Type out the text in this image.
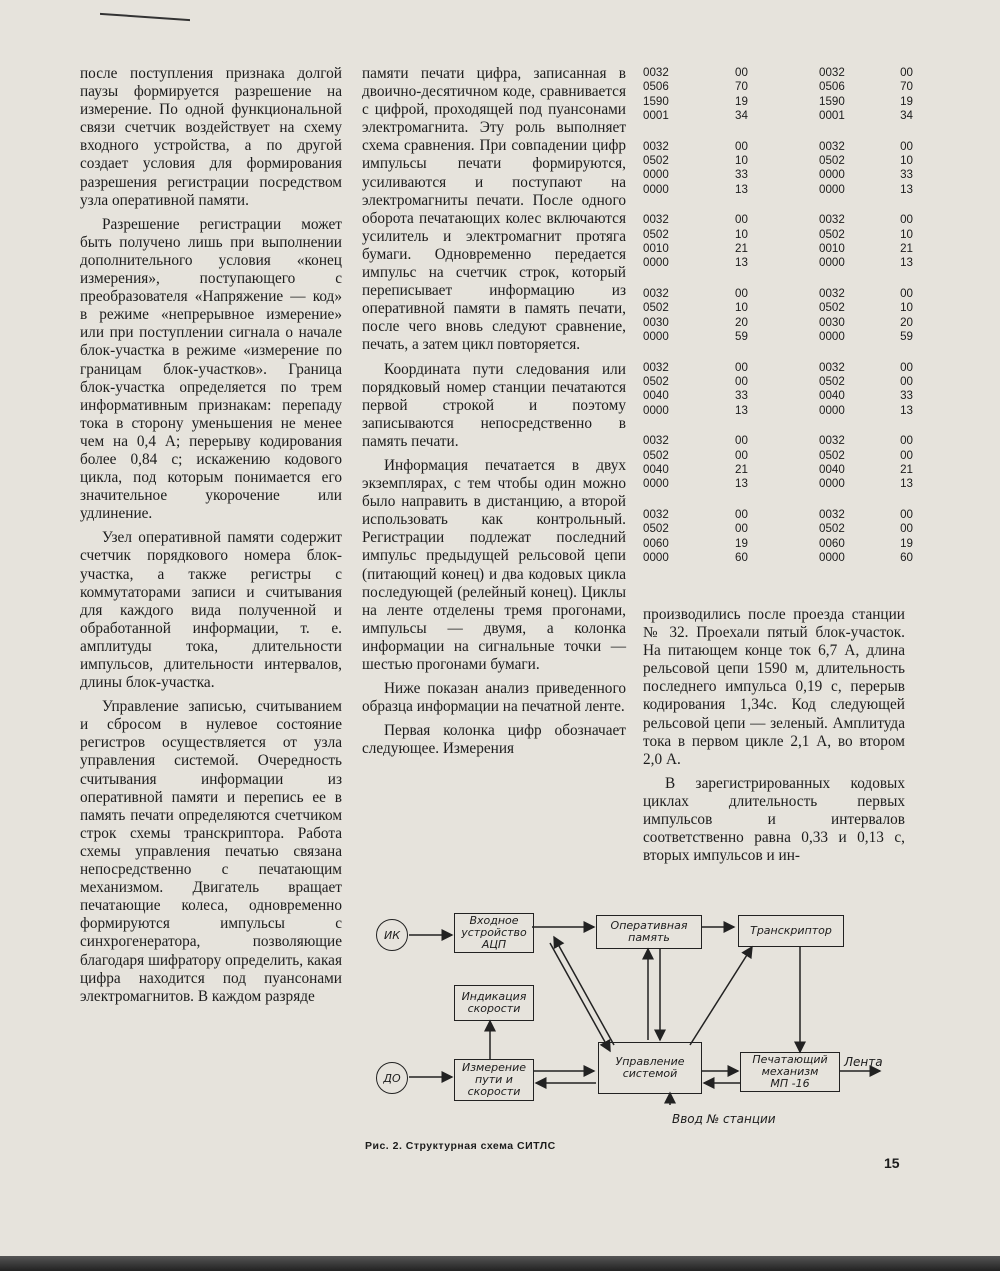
после поступления признака долгой паузы формируется разрешение на измерение. По одной функциональной связи счетчик воздействует на схему входного устройства, а по другой создает условия для формирования разрешения регистрации посредством узла оперативной памяти.

Разрешение регистрации может быть получено лишь при выполнении дополнительного условия «конец измерения», поступающего с преобразователя «Напряжение — код» в режиме «непрерывное измерение» или при поступлении сигнала о начале блок-участка в режиме «измерение по границам блок-участков». Граница блок-участка определяется по трем информативным признакам: перепаду тока в сторону уменьшения не менее чем на 0,4 А; перерыву кодирования более 0,84 с; искажению кодового цикла, под которым понимается его значительное укорочение или удлинение.

Узел оперативной памяти содержит счетчик порядкового номера блок-участка, а также регистры с коммутаторами записи и считывания для каждого вида полученной и обработанной информации, т. е. амплитуды тока, длительности импульсов, длительности интервалов, длины блок-участка.

Управление записью, считыванием и сбросом в нулевое состояние регистров осуществляется от узла управления системой. Очередность считывания информации из оперативной памяти и перепись ее в память печати определяются счетчиком строк схемы транскриптора. Работа схемы управления печатью связана непосредственно с печатающим механизмом. Двигатель вращает печатающие колеса, одновременно формируются импульсы с синхрогенератора, позволяющие благодаря шифратору определить, какая цифра находится под пуансонами электромагнитов. В каждом разряде

памяти печати цифра, записанная в двоично-десятичном коде, сравнивается с цифрой, проходящей под пуансонами электромагнита. Эту роль выполняет схема сравнения. При совпадении цифр импульсы печати формируются, усиливаются и поступают на электромагниты печати. После одного оборота печатающих колес включаются усилитель и электромагнит протяга бумаги. Одновременно передается импульс на счетчик строк, который переписывает информацию из оперативной памяти в память печати, после чего вновь следуют сравнение, печать, а затем цикл повторяется.

Координата пути следования или порядковый номер станции печатаются первой строкой и поэтому записываются непосредственно в память печати.

Информация печатается в двух экземплярах, с тем чтобы один можно было направить в дистанцию, а второй использовать как контрольный. Регистрации подлежат последний импульс предыдущей рельсовой цепи (питающий конец) и два кодовых цикла последующей (релейный конец). Циклы на ленте отделены тремя прогонами, импульсы — двумя, а колонка информации на сигнальные точки — шестью прогонами бумаги.

Ниже показан анализ приведенного образца информации на печатной ленте.

Первая колонка цифр обозначает следующее. Измерения

0032	00	0032	00
0506	70	0506	70
1590	19	1590	19
0001	34	0001	34

0032	00	0032	00
0502	10	0502	10
0000	33	0000	33
0000	13	0000	13

0032	00	0032	00
0502	10	0502	10
0010	21	0010	21
0000	13	0000	13

0032	00	0032	00
0502	10	0502	10
0030	20	0030	20
0000	59	0000	59

0032	00	0032	00
0502	00	0502	00
0040	33	0040	33
0000	13	0000	13

0032	00	0032	00
0502	00	0502	00
0040	21	0040	21
0000	13	0000	13

0032	00	0032	00
0502	00	0502	00
0060	19	0060	19
0000	60	0000	60

производились после проезда станции № 32. Проехали пятый блок-участок. На питающем конце ток 6,7 А, длина рельсовой цепи 1590 м, длительность последнего импульса 0,19 с, перерыв кодирования 1,34с. Код следующей рельсовой цепи — зеленый. Амплитуда тока в первом цикле 2,1 А, во втором 2,0 А.

В зарегистрированных кодовых циклах длительность первых импульсов и интервалов соответственно равна 0,33 и 0,13 с, вторых импульсов и ин-

ИК
ДО
Входное
устройство
АЦП
Оперативная
память
Транскриптор
Индикация
скорости
Измерение
пути и
скорости
Управление
системой
Печатающий
механизм
МП -16
Лента
Ввод № станции
Рис. 2. Структурная схема СИТЛС
15
